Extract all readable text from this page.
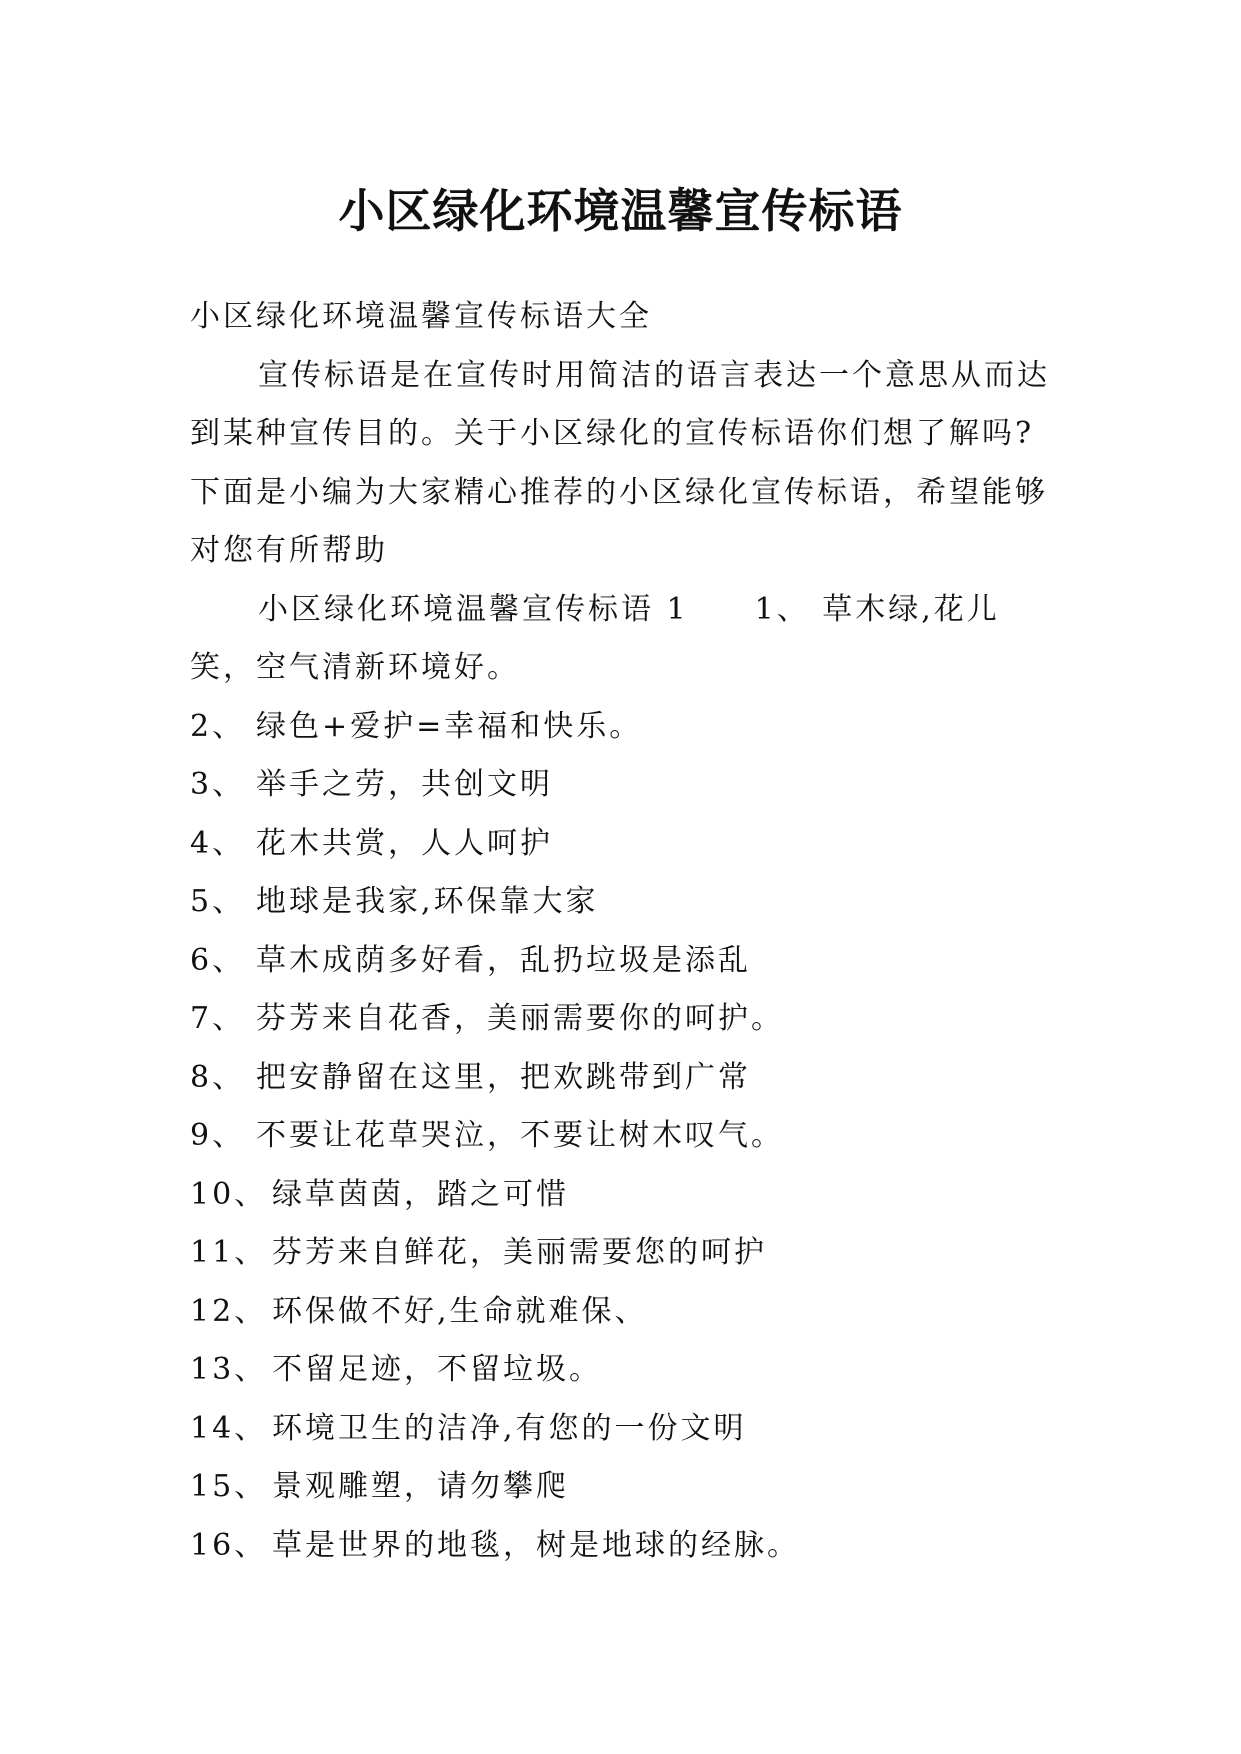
小区绿化环境温馨宣传标语

小区绿化环境温馨宣传标语大全

宣传标语是在宣传时用简洁的语言表达一个意思从而达到某种宣传目的。关于小区绿化的宣传标语你们想了解吗?下面是小编为大家精心推荐的小区绿化宣传标语，希望能够对您有所帮助

小区绿化环境温馨宣传标语 1　　1、 草木绿,花儿笑，空气清新环境好。

2、 绿色+爱护=幸福和快乐。

3、 举手之劳，共创文明

4、 花木共赏，人人呵护

5、 地球是我家,环保靠大家

6、 草木成荫多好看，乱扔垃圾是添乱

7、 芬芳来自花香，美丽需要你的呵护。

8、 把安静留在这里，把欢跳带到广常

9、 不要让花草哭泣，不要让树木叹气。

10、 绿草茵茵，踏之可惜

11、 芬芳来自鲜花，美丽需要您的呵护

12、 环保做不好,生命就难保、

13、 不留足迹，不留垃圾。

14、 环境卫生的洁净,有您的一份文明

15、 景观雕塑，请勿攀爬

16、 草是世界的地毯，树是地球的经脉。
